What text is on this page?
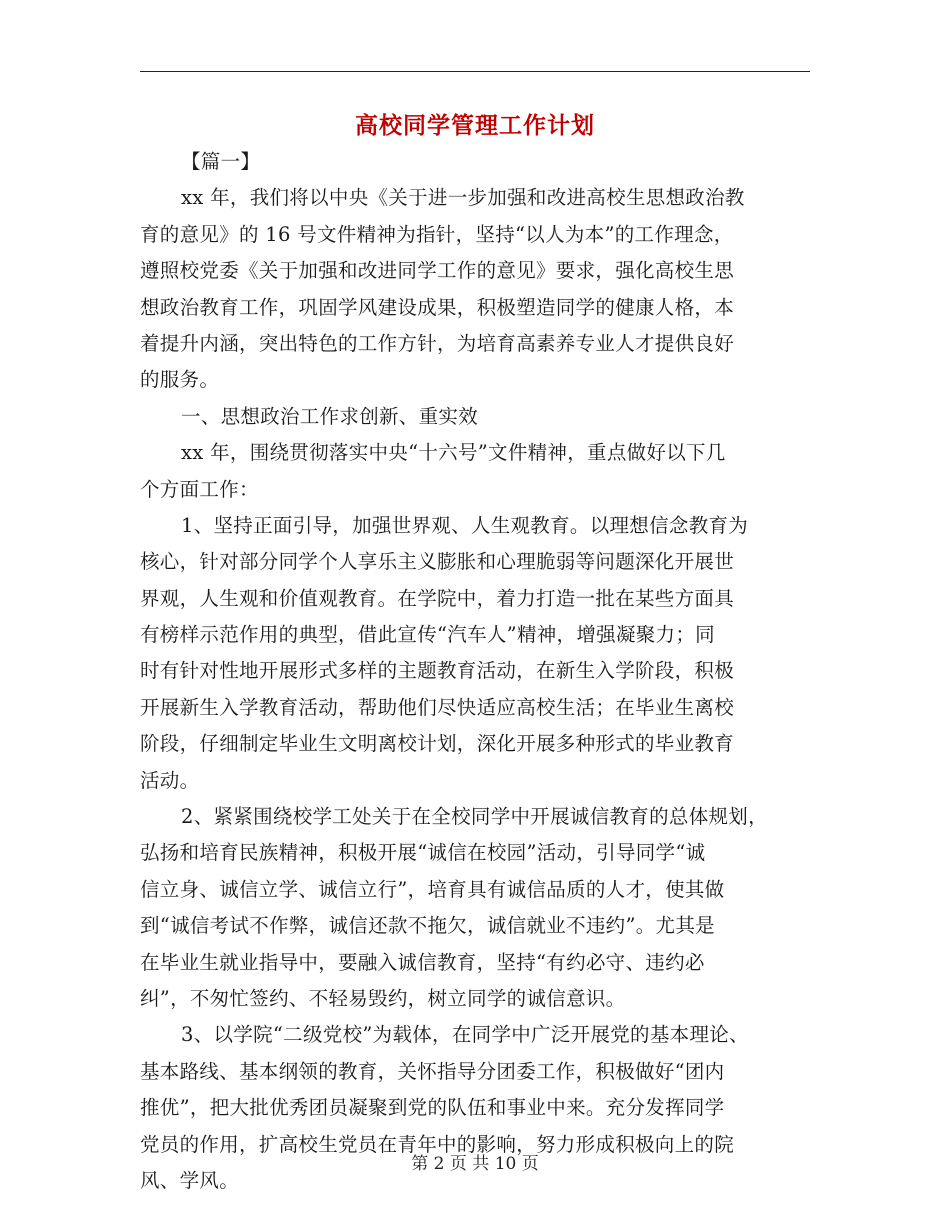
高校同学管理工作计划
【篇一】
xx 年，我们将以中央《关于进一步加强和改进高校生思想政治教
育的意见》的 16 号文件精神为指针，坚持“以人为本”的工作理念，
遵照校党委《关于加强和改进同学工作的意见》要求，强化高校生思
想政治教育工作，巩固学风建设成果，积极塑造同学的健康人格，本
着提升内涵，突出特色的工作方针，为培育高素养专业人才提供良好
的服务。
一、思想政治工作求创新、重实效
xx 年，围绕贯彻落实中央“十六号”文件精神，重点做好以下几
个方面工作：
1、坚持正面引导，加强世界观、人生观教育。以理想信念教育为
核心，针对部分同学个人享乐主义膨胀和心理脆弱等问题深化开展世
界观，人生观和价值观教育。在学院中，着力打造一批在某些方面具
有榜样示范作用的典型，借此宣传“汽车人”精神，增强凝聚力；同
时有针对性地开展形式多样的主题教育活动，在新生入学阶段，积极
开展新生入学教育活动，帮助他们尽快适应高校生活；在毕业生离校
阶段，仔细制定毕业生文明离校计划，深化开展多种形式的毕业教育
活动。
2、紧紧围绕校学工处关于在全校同学中开展诚信教育的总体规划，
弘扬和培育民族精神，积极开展“诚信在校园”活动，引导同学“诚
信立身、诚信立学、诚信立行”，培育具有诚信品质的人才，使其做
到“诚信考试不作弊，诚信还款不拖欠，诚信就业不违约”。尤其是
在毕业生就业指导中，要融入诚信教育，坚持“有约必守、违约必
纠”，不匆忙签约、不轻易毁约，树立同学的诚信意识。
3、以学院“二级党校”为载体，在同学中广泛开展党的基本理论、
基本路线、基本纲领的教育，关怀指导分团委工作，积极做好“团内
推优”，把大批优秀团员凝聚到党的队伍和事业中来。充分发挥同学
党员的作用，扩高校生党员在青年中的影响，努力形成积极向上的院
风、学风。
第 2 页 共 10 页
